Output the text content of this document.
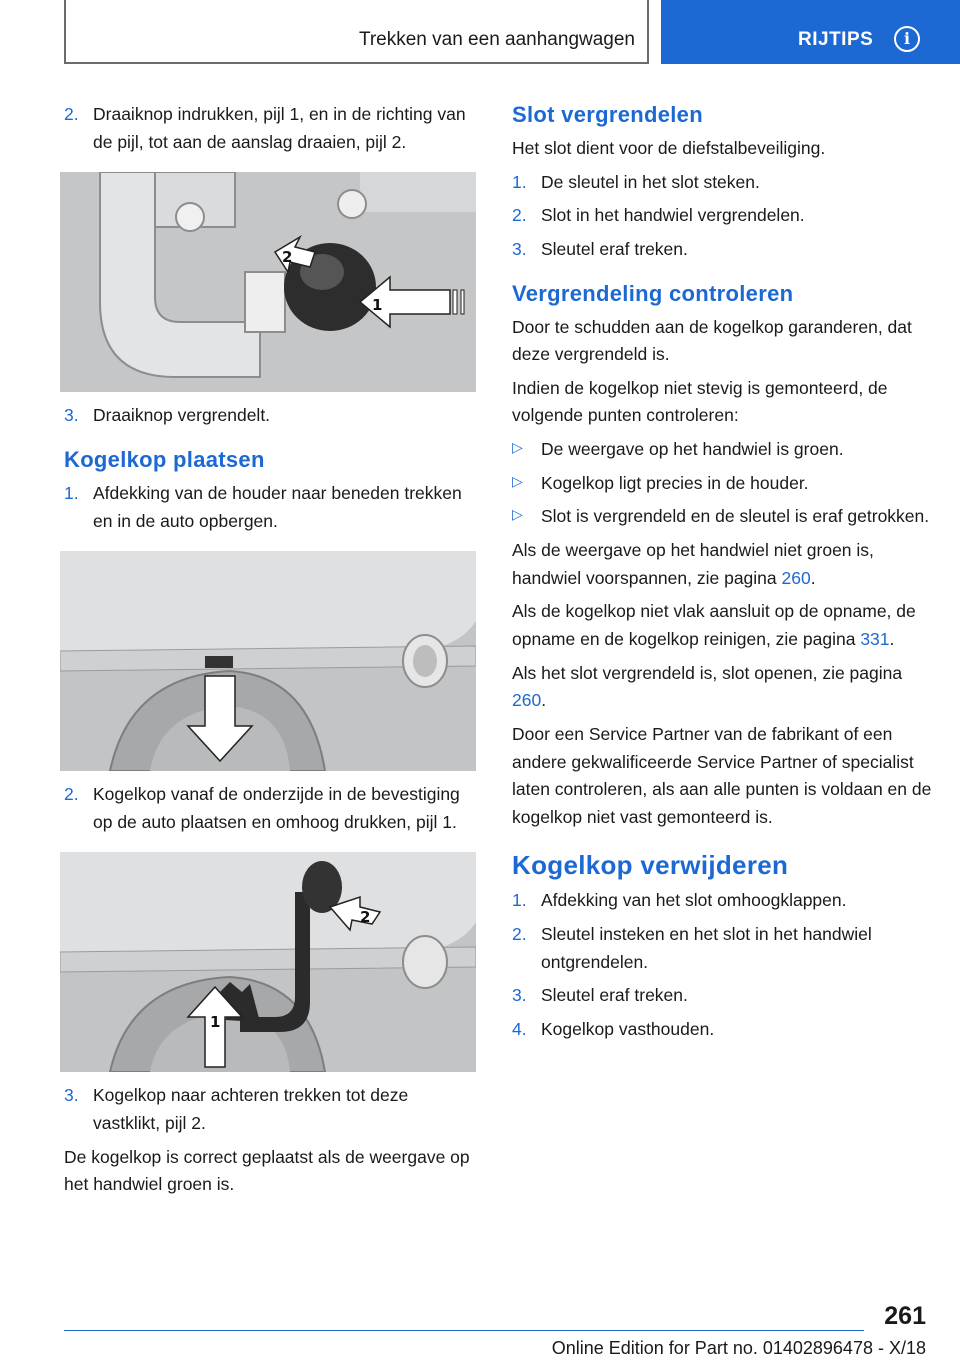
Trekken van een aanhangwagen	RIJTIPS	i
2. Draaiknop indrukken, pijl 1, en in de richting van de pijl, tot aan de aanslag draaien, pijl 2.
2
1
3. Draaiknop vergrendelt.
Kogelkop plaatsen
1. Afdekking van de houder naar beneden trekken en in de auto opbergen.
2. Kogelkop vanaf de onderzijde in de bevestiging op de auto plaatsen en omhoog drukken, pijl 1.
2
1
3. Kogelkop naar achteren trekken tot deze vastklikt, pijl 2.

De kogelkop is correct geplaatst als de weergave op het handwiel groen is.

Slot vergrendelen

Het slot dient voor de diefstalbeveiliging.

1. De sleutel in het slot steken.
2. Slot in het handwiel vergrendelen.
3. Sleutel eraf treken.
Vergrendeling controleren

Door te schudden aan de kogelkop garanderen, dat deze vergrendeld is.

Indien de kogelkop niet stevig is gemonteerd, de volgende punten controleren:

▷ De weergave op het handwiel is groen.
▷ Kogelkop ligt precies in de houder.
▷ Slot is vergrendeld en de sleutel is eraf getrokken.

Als de weergave op het handwiel niet groen is, handwiel voorspannen, zie pagina 260.

Als de kogelkop niet vlak aansluit op de opname, de opname en de kogelkop reinigen, zie pagina 331.

Als het slot vergrendeld is, slot openen, zie pagina 260.

Door een Service Partner van de fabrikant of een andere gekwalificeerde Service Partner of specialist laten controleren, als aan alle punten is voldaan en de kogelkop niet vast gemonteerd is.

Kogelkop verwijderen
1. Afdekking van het slot omhoogklappen.
2. Sleutel insteken en het slot in het handwiel ontgrendelen.
3. Sleutel eraf treken.
4. Kogelkop vasthouden.
261
Online Edition for Part no. 01402896478 - X/18
